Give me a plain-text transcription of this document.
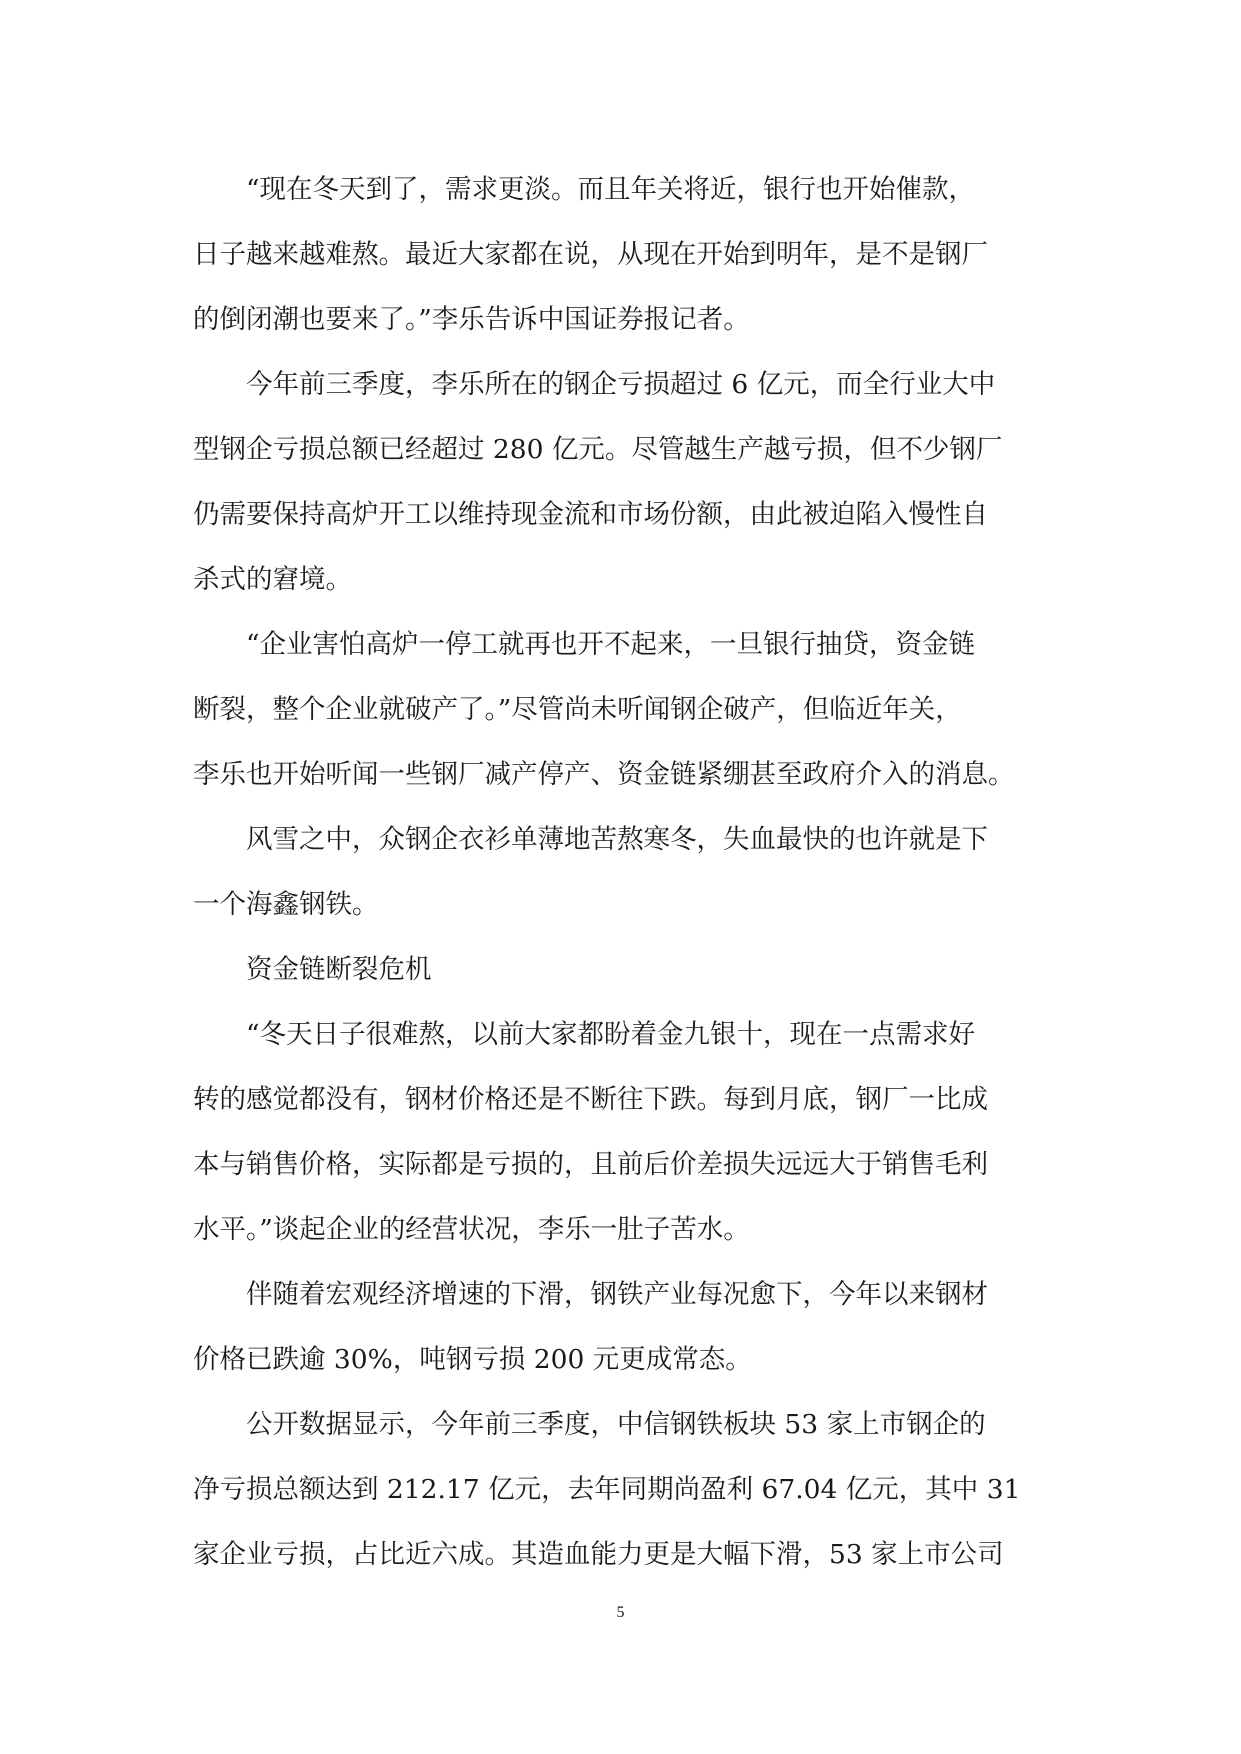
　　“现在冬天到了，需求更淡。而且年关将近，银行也开始催款，
日子越来越难熬。最近大家都在说，从现在开始到明年，是不是钢厂
的倒闭潮也要来了。”李乐告诉中国证券报记者。
　　今年前三季度，李乐所在的钢企亏损超过 6 亿元，而全行业大中
型钢企亏损总额已经超过 280 亿元。尽管越生产越亏损，但不少钢厂
仍需要保持高炉开工以维持现金流和市场份额，由此被迫陷入慢性自
杀式的窘境。
　　“企业害怕高炉一停工就再也开不起来，一旦银行抽贷，资金链
断裂，整个企业就破产了。”尽管尚未听闻钢企破产，但临近年关，
李乐也开始听闻一些钢厂减产停产、资金链紧绷甚至政府介入的消息。
　　风雪之中，众钢企衣衫单薄地苦熬寒冬，失血最快的也许就是下
一个海鑫钢铁。
　　资金链断裂危机
　　“冬天日子很难熬，以前大家都盼着金九银十，现在一点需求好
转的感觉都没有，钢材价格还是不断往下跌。每到月底，钢厂一比成
本与销售价格，实际都是亏损的，且前后价差损失远远大于销售毛利
水平。”谈起企业的经营状况，李乐一肚子苦水。
　　伴随着宏观经济增速的下滑，钢铁产业每况愈下，今年以来钢材
价格已跌逾 30%，吨钢亏损 200 元更成常态。
　　公开数据显示，今年前三季度，中信钢铁板块 53 家上市钢企的
净亏损总额达到 212.17 亿元，去年同期尚盈利 67.04 亿元，其中 31
家企业亏损，占比近六成。其造血能力更是大幅下滑，53 家上市公司
5
